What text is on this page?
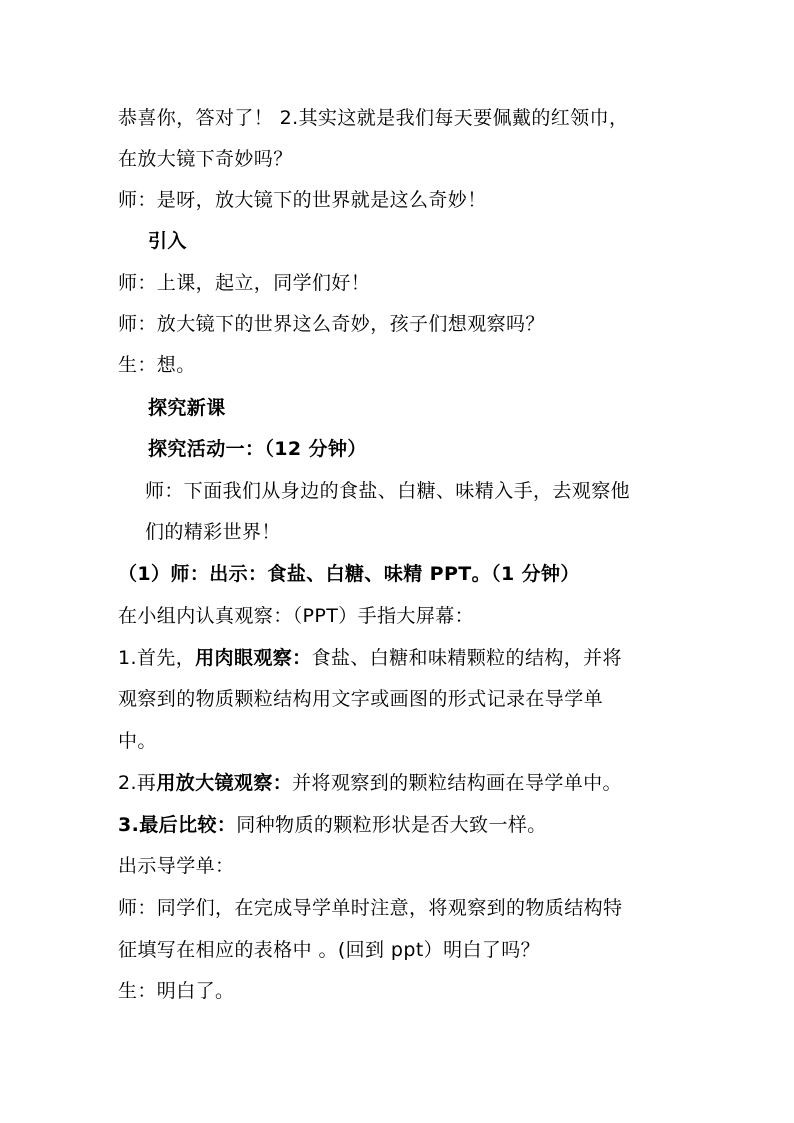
恭喜你，答对了！ 2.其实这就是我们每天要佩戴的红领巾，
在放大镜下奇妙吗？
师：是呀，放大镜下的世界就是这么奇妙！
引入
师：上课，起立，同学们好！
师：放大镜下的世界这么奇妙，孩子们想观察吗？
生：想。
探究新课
探究活动一：（12 分钟）
师：下面我们从身边的食盐、白糖、味精入手，去观察他
们的精彩世界！
（1）师：出示：食盐、白糖、味精 PPT。（1 分钟）
在小组内认真观察：（PPT）手指大屏幕：
1.首先，用肉眼观察：食盐、白糖和味精颗粒的结构，并将
观察到的物质颗粒结构用文字或画图的形式记录在导学单
中。
2.再用放大镜观察：并将观察到的颗粒结构画在导学单中。
3.最后比较：同种物质的颗粒形状是否大致一样。
出示导学单：
师：同学们，在完成导学单时注意，将观察到的物质结构特
征填写在相应的表格中 。(回到 ppt）明白了吗？
生：明白了。
